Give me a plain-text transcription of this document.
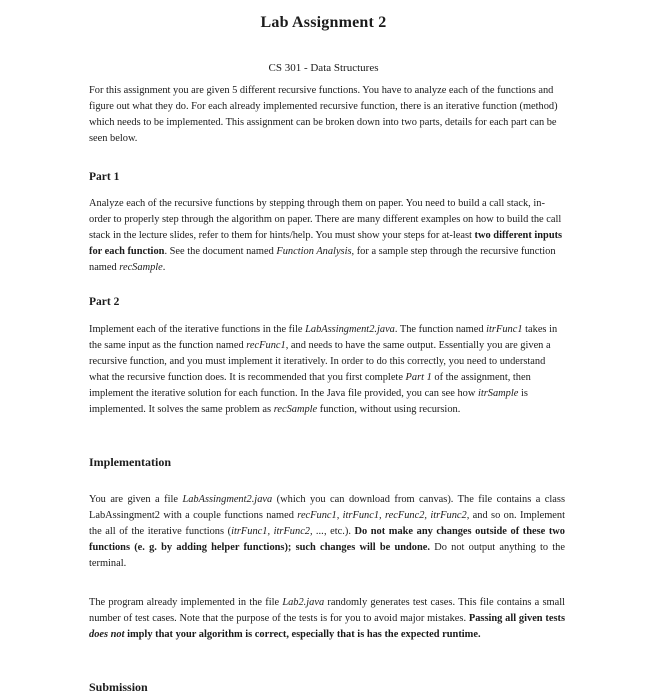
Lab Assignment 2
CS 301 - Data Structures

For this assignment you are given 5 different recursive functions. You have to analyze each of the functions and figure out what they do. For each already implemented recursive function, there is an iterative function (method) which needs to be implemented. This assignment can be broken down into two parts, details for each part can be seen below.

Part 1

Analyze each of the recursive functions by stepping through them on paper. You need to build a call stack, in-order to properly step through the algorithm on paper. There are many different examples on how to build the call stack in the lecture slides, refer to them for hints/help. You must show your steps for at-least two different inputs for each function. See the document named Function Analysis, for a sample step through the recursive function named recSample.

Part 2

Implement each of the iterative functions in the file LabAssingment2.java. The function named itrFunc1 takes in the same input as the function named recFunc1, and needs to have the same output. Essentially you are given a recursive function, and you must implement it iteratively. In order to do this correctly, you need to understand what the recursive function does. It is recommended that you first complete Part 1 of the assignment, then implement the iterative solution for each function. In the Java file provided, you can see how itrSample is implemented. It solves the same problem as recSample function, without using recursion.

Implementation

You are given a file LabAssingment2.java (which you can download from canvas). The file contains a class LabAssingment2 with a couple functions named recFunc1, itrFunc1, recFunc2, itrFunc2, and so on. Implement the all of the iterative functions (itrFunc1, itrFunc2, ..., etc.). Do not make any changes outside of these two functions (e. g. by adding helper functions); such changes will be undone. Do not output anything to the terminal.

The program already implemented in the file Lab2.java randomly generates test cases. This file contains a small number of test cases. Note that the purpose of the tests is for you to avoid major mistakes. Passing all given tests does not imply that your algorithm is correct, especially that is has the expected runtime.

Submission
